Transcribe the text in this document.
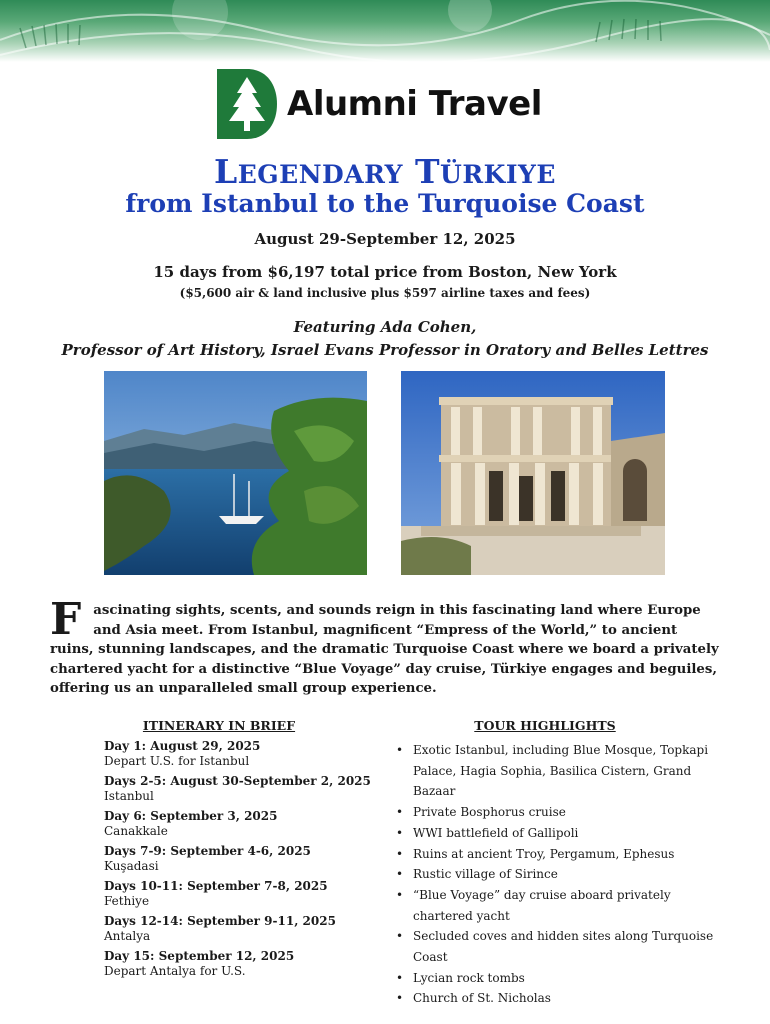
Alumni Travel
LEGENDARY TÜRKIYE
from Istanbul to the Turquoise Coast
August 29-September 12, 2025
15 days from $6,197 total price from Boston, New York
($5,600 air & land inclusive plus $597 airline taxes and fees)
Featuring Ada Cohen,
Professor of Art History, Israel Evans Professor in Oratory and Belles Lettres
Fascinating sights, scents, and sounds reign in this fascinating land where Europe and Asia meet. From Istanbul, magnificent “Empress of the World,” to ancient ruins, stunning landscapes, and the dramatic Turquoise Coast where we board a privately chartered yacht for a distinctive “Blue Voyage” day cruise, Türkiye engages and beguiles, offering us an unparalleled small group experience.
ITINERARY IN BRIEF	TOUR HIGHLIGHTS
Day 1: August 29, 2025
Depart U.S. for Istanbul
Days 2-5: August 30-September 2, 2025
Istanbul
Day 6: September 3, 2025
Canakkale
Days 7-9: September 4-6, 2025
Kuşadasi
Days 10-11: September 7-8, 2025
Fethiye
Days 12-14: September 9-11, 2025
Antalya
Day 15: September 12, 2025
Depart Antalya for U.S.
• Exotic Istanbul, including Blue Mosque, Topkapi Palace, Hagia Sophia, Basilica Cistern, Grand Bazaar
• Private Bosphorus cruise
• WWI battlefield of Gallipoli
• Ruins at ancient Troy, Pergamum, Ephesus
• Rustic village of Sirince
• “Blue Voyage” day cruise aboard privately chartered yacht
• Secluded coves and hidden sites along Turquoise Coast
• Lycian rock tombs
• Church of St. Nicholas
